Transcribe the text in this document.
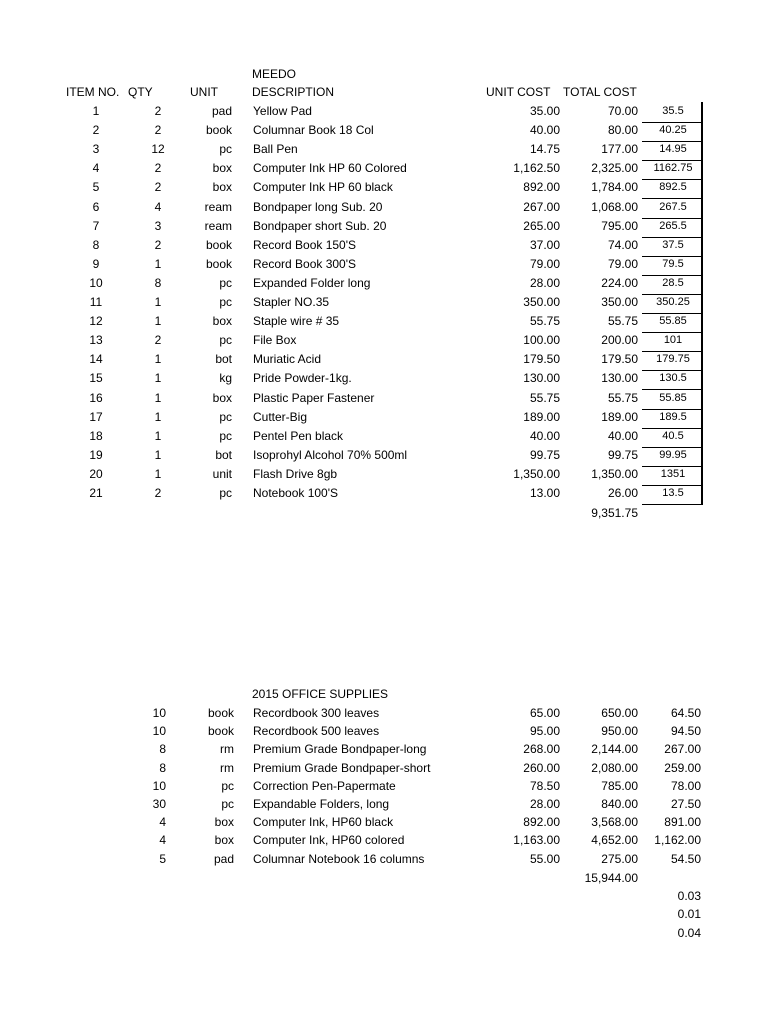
MEEDO
ITEM NO. QTY	UNIT	DESCRIPTION	UNIT COST TOTAL COST
1	2	pad Yellow Pad	35.00	70.00	35.5
2	2	book Columnar Book 18 Col	40.00	80.00	40.25
3	12	pc Ball Pen	14.75	177.00	14.95
4	2	box Computer Ink HP 60 Colored	1,162.50	2,325.00	1162.75
5	2	box Computer Ink HP 60 black	892.00	1,784.00	892.5
6	4	ream Bondpaper long Sub. 20	267.00	1,068.00	267.5
7	3	ream Bondpaper short Sub. 20	265.00	795.00	265.5
8	2	book Record Book 150'S	37.00	74.00	37.5
9	1	book Record Book 300'S	79.00	79.00	79.5
10	8	pc Expanded Folder long	28.00	224.00	28.5
11	1	pc Stapler NO.35	350.00	350.00	350.25
12	1	box Staple wire # 35	55.75	55.75	55.85
13	2	pc File Box	100.00	200.00	101
14	1	bot Muriatic Acid	179.50	179.50	179.75
15	1	kg Pride Powder-1kg.	130.00	130.00	130.5
16	1	box Plastic Paper Fastener	55.75	55.75	55.85
17	1	pc Cutter-Big	189.00	189.00	189.5
18	1	pc Pentel Pen black	40.00	40.00	40.5
19	1	bot Isoprohyl Alcohol 70% 500ml	99.75	99.75	99.95
20	1	unit Flash Drive 8gb	1,350.00	1,350.00	1351
21	2	pc Notebook 100'S	13.00	26.00	13.5
9,351.75
2015 OFFICE SUPPLIES
10	book Recordbook 300 leaves	65.00	650.00	64.50
10	book Recordbook 500 leaves	95.00	950.00	94.50
8	rm Premium Grade Bondpaper-long	268.00	2,144.00	267.00
8	rm Premium Grade Bondpaper-short	260.00	2,080.00	259.00
10	pc Correction Pen-Papermate	78.50	785.00	78.00
30	pc Expandable Folders, long	28.00	840.00	27.50
4	box Computer Ink, HP60 black	892.00	3,568.00	891.00
4	box Computer Ink, HP60 colored	1,163.00	4,652.00	1,162.00
5	pad Columnar Notebook 16 columns	55.00	275.00	54.50
15,944.00
0.03
0.01
0.04
